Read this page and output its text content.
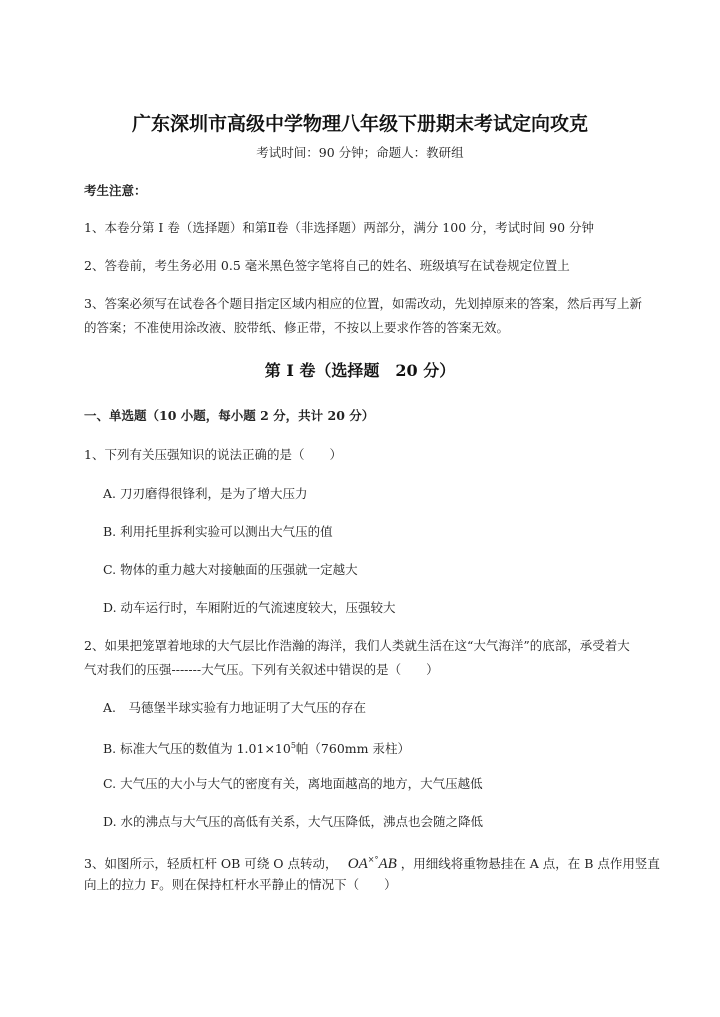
广东深圳市高级中学物理八年级下册期末考试定向攻克
考试时间：90 分钟；命题人：教研组
考生注意：
1、本卷分第 I 卷（选择题）和第Ⅱ卷（非选择题）两部分，满分 100 分，考试时间 90 分钟
2、答卷前，考生务必用 0.5 毫米黑色签字笔将自己的姓名、班级填写在试卷规定位置上
3、答案必须写在试卷各个题目指定区域内相应的位置，如需改动，先划掉原来的答案，然后再写上新
的答案；不准使用涂改液、胶带纸、修正带，不按以上要求作答的答案无效。
第 I 卷（选择题　20 分）
一、单选题（10 小题，每小题 2 分，共计 20 分）
1、下列有关压强知识的说法正确的是（　　）
A. 刀刃磨得很锋利，是为了增大压力
B. 利用托里拆利实验可以测出大气压的值
C. 物体的重力越大对接触面的压强就一定越大
D. 动车运行时，车厢附近的气流速度较大，压强较大
2、如果把笼罩着地球的大气层比作浩瀚的海洋，我们人类就生活在这“大气海洋”的底部，承受着大
气对我们的压强-------大气压。下列有关叙述中错误的是（　　）
A.　马德堡半球实验有力地证明了大气压的存在
B. 标准大气压的数值为 $1.01\times 10^5$帕（760mm 汞柱）
C. 大气压的大小与大气的密度有关，离地面越高的地方，大气压越低
D. 水的沸点与大气压的高低有关系，大气压降低，沸点也会随之降低
3、如图所示，轻质杠杆 OB 可绕 O 点转动，　 OA×°AB ，用细线将重物悬挂在 A 点，在 B 点作用竖直
向上的拉力 F。则在保持杠杆水平静止的情况下（　　）
